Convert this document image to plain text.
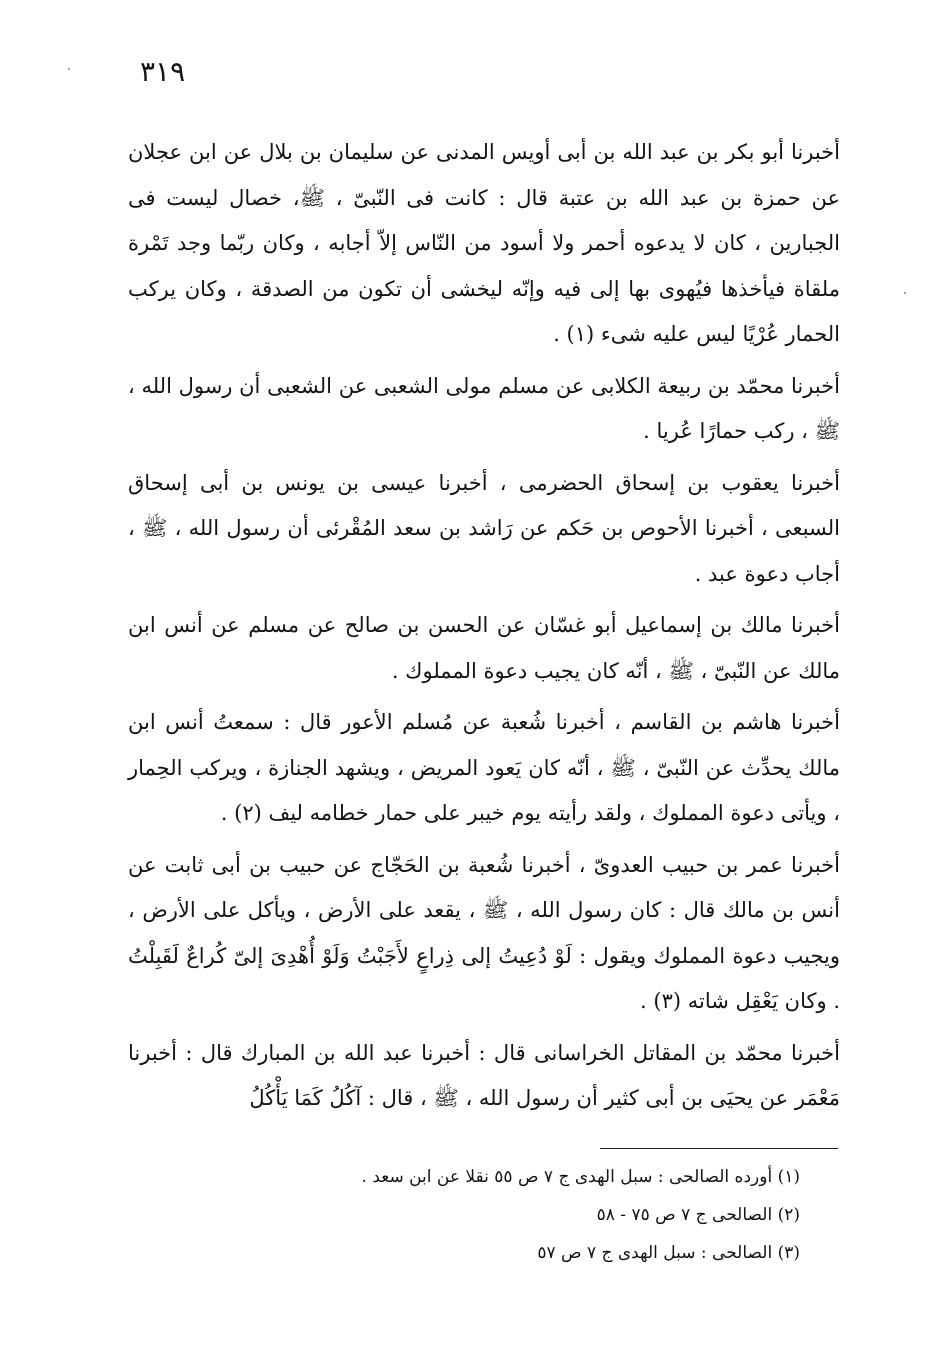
٣١٩

أخبرنا أبو بكر بن عبد الله بن أبى أويس المدنى عن سليمان بن بلال عن ابن عجلان عن حمزة بن عبد الله بن عتبة قال : كانت فى النّبىّ ، ﷺ، خصال ليست فى الجبارين ، كان لا يدعوه أحمر ولا أسود من النّاس إلاّ أجابه ، وكان ربّما وجد تَمْرة ملقاة فيأخذها فيُهوى بها إلى فيه وإنّه ليخشى أن تكون من الصدقة ، وكان يركب الحمار عُرْيًا ليس عليه شىء (١) .

أخبرنا محمّد بن ربيعة الكلابى عن مسلم مولى الشعبى عن الشعبى أن رسول الله ، ﷺ ، ركب حمارًا عُريا .

أخبرنا يعقوب بن إسحاق الحضرمى ، أخبرنا عيسى بن يونس بن أبى إسحاق السبعى ، أخبرنا الأحوص بن حَكم عن رَاشد بن سعد المُقْرئى أن رسول الله ، ﷺ ، أجاب دعوة عبد .

أخبرنا مالك بن إسماعيل أبو غسّان عن الحسن بن صالح عن مسلم عن أنس ابن مالك عن النّبىّ ، ﷺ ، أنّه كان يجيب دعوة المملوك .

أخبرنا هاشم بن القاسم ، أخبرنا شُعبة عن مُسلم الأعور قال : سمعتُ أنس ابن مالك يحدِّث عن النّبىّ ، ﷺ ، أنّه كان يَعود المريض ، ويشهد الجنازة ، ويركب الحِمار ، ويأتى دعوة المملوك ، ولقد رأيته يوم خيبر على حمار خطامه ليف (٢) .

أخبرنا عمر بن حبيب العدوىّ ، أخبرنا شُعبة بن الحَجّاج عن حبيب بن أبى ثابت عن أنس بن مالك قال : كان رسول الله ، ﷺ ، يقعد على الأرض ، ويأكل على الأرض ، ويجيب دعوة المملوك ويقول : لَوْ دُعِيتُ إلى ذِراعٍ لأَجَبْتُ وَلَوْ أُهْدِىَ إلىّ كُراعٌ لَقَبِلْتُ . وكان يَعْقِل شاته (٣) .

أخبرنا محمّد بن المقاتل الخراسانى قال : أخبرنا عبد الله بن المبارك قال : أخبرنا مَعْمَر عن يحيَى بن أبى كثير أن رسول الله ، ﷺ ، قال : آكُلُ كَمَا يَأْكُلُ

(١) أورده الصالحى : سبل الهدى ج ٧ ص ٥٥ نقلا عن ابن سعد .

(٢) الصالحى ج ٧ ص ٧٥ - ٥٨

(٣) الصالحى : سبل الهدى ج ٧ ص ٥٧
